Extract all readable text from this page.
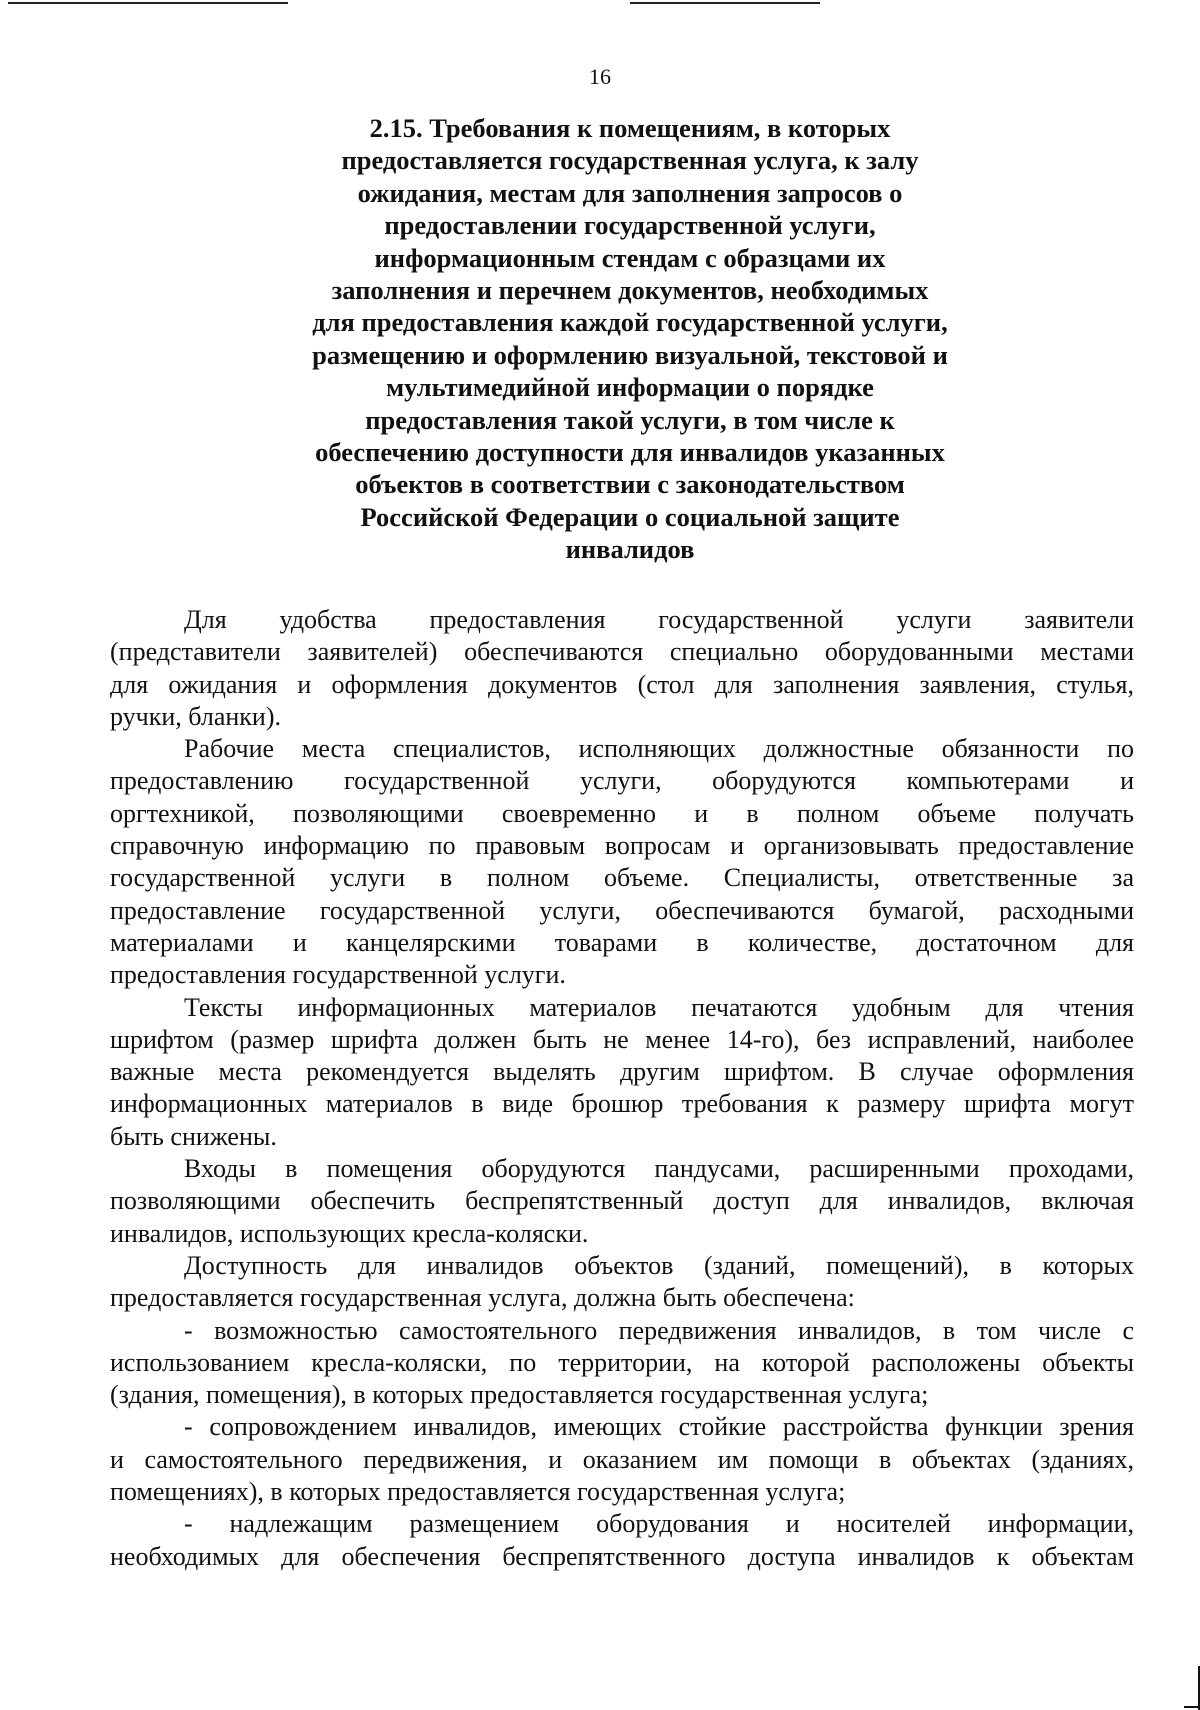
16
2.15. Требования к помещениям, в которых
предоставляется государственная услуга, к залу
ожидания, местам для заполнения запросов о
предоставлении государственной услуги,
информационным стендам с образцами их
заполнения и перечнем документов, необходимых
для предоставления каждой государственной услуги,
размещению и оформлению визуальной, текстовой и
мультимедийной информации о порядке
предоставления такой услуги, в том числе к
обеспечению доступности для инвалидов указанных
объектов в соответствии с законодательством
Российской Федерации о социальной защите
инвалидов

Для удобства предоставления государственной услуги заявители
(представители заявителей) обеспечиваются специально оборудованными местами
для ожидания и оформления документов (стол для заполнения заявления, стулья,
ручки, бланки).

Рабочие места специалистов, исполняющих должностные обязанности по
предоставлению государственной услуги, оборудуются компьютерами и
оргтехникой, позволяющими своевременно и в полном объеме получать
справочную информацию по правовым вопросам и организовывать предоставление
государственной услуги в полном объеме. Специалисты, ответственные за
предоставление государственной услуги, обеспечиваются бумагой, расходными
материалами и канцелярскими товарами в количестве, достаточном для
предоставления государственной услуги.

Тексты информационных материалов печатаются удобным для чтения
шрифтом (размер шрифта должен быть не менее 14-го), без исправлений, наиболее
важные места рекомендуется выделять другим шрифтом. В случае оформления
информационных материалов в виде брошюр требования к размеру шрифта могут
быть снижены.

Входы в помещения оборудуются пандусами, расширенными проходами,
позволяющими обеспечить беспрепятственный доступ для инвалидов, включая
инвалидов, использующих кресла-коляски.

Доступность для инвалидов объектов (зданий, помещений), в которых
предоставляется государственная услуга, должна быть обеспечена:

- возможностью самостоятельного передвижения инвалидов, в том числе с
использованием кресла-коляски, по территории, на которой расположены объекты
(здания, помещения), в которых предоставляется государственная услуга;

- сопровождением инвалидов, имеющих стойкие расстройства функции зрения
и самостоятельного передвижения, и оказанием им помощи в объектах (зданиях,
помещениях), в которых предоставляется государственная услуга;

- надлежащим размещением оборудования и носителей информации,
необходимых для обеспечения беспрепятственного доступа инвалидов к объектам
